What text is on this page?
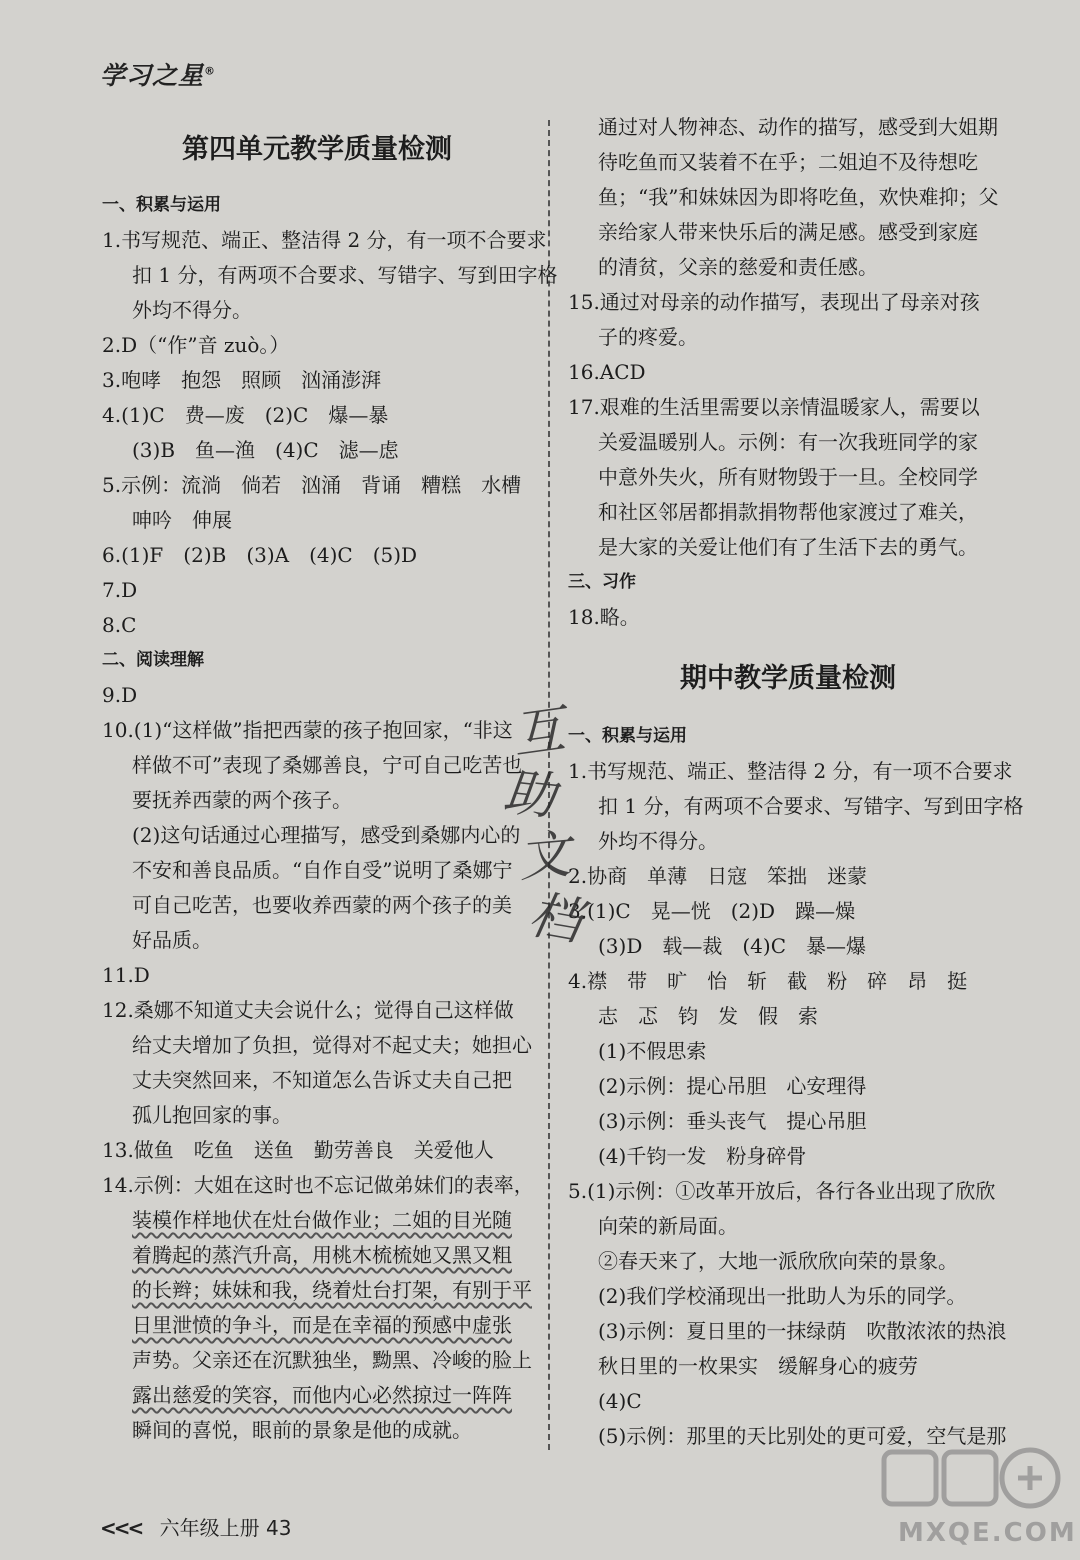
学习之星®

第四单元教学质量检测

一、积累与运用

1.书写规范、端正、整洁得 2 分，有一项不合要求

扣 1 分，有两项不合要求、写错字、写到田字格

外均不得分。

2.D（“作”音 zuò。）

3.咆哮　抱怨　照顾　汹涌澎湃

4.(1)C　费—废　(2)C　爆—暴

(3)B　鱼—渔　(4)C　滤—虑

5.示例：流淌　倘若　汹涌　背诵　糟糕　水槽

呻吟　伸展

6.(1)F　(2)B　(3)A　(4)C　(5)D

7.D

8.C

二、阅读理解

9.D

10.(1)“这样做”指把西蒙的孩子抱回家，“非这

样做不可”表现了桑娜善良，宁可自己吃苦也

要抚养西蒙的两个孩子。

(2)这句话通过心理描写，感受到桑娜内心的

不安和善良品质。“自作自受”说明了桑娜宁

可自己吃苦，也要收养西蒙的两个孩子的美

好品质。

11.D

12.桑娜不知道丈夫会说什么；觉得自己这样做

给丈夫增加了负担，觉得对不起丈夫；她担心

丈夫突然回来，不知道怎么告诉丈夫自己把

孤儿抱回家的事。

13.做鱼　吃鱼　送鱼　勤劳善良　关爱他人

14.示例：大姐在这时也不忘记做弟妹们的表率，

装模作样地伏在灶台做作业；二姐的目光随

着腾起的蒸汽升高，用桃木梳梳她又黑又粗

的长辫；妹妹和我，绕着灶台打架，有别于平

日里泄愤的争斗，而是在幸福的预感中虚张

声势。父亲还在沉默独坐，黝黑、冷峻的脸上

露出慈爱的笑容，而他内心必然掠过一阵阵

瞬间的喜悦，眼前的景象是他的成就。

通过对人物神态、动作的描写，感受到大姐期

待吃鱼而又装着不在乎；二姐迫不及待想吃

鱼；“我”和妹妹因为即将吃鱼，欢快难抑；父

亲给家人带来快乐后的满足感。感受到家庭

的清贫，父亲的慈爱和责任感。

15.通过对母亲的动作描写，表现出了母亲对孩

子的疼爱。

16.ACD

17.艰难的生活里需要以亲情温暖家人，需要以

关爱温暖别人。示例：有一次我班同学的家

中意外失火，所有财物毁于一旦。全校同学

和社区邻居都捐款捐物帮他家渡过了难关，

是大家的关爱让他们有了生活下去的勇气。

三、习作

18.略。

期中教学质量检测

一、积累与运用

1.书写规范、端正、整洁得 2 分，有一项不合要求

扣 1 分，有两项不合要求、写错字、写到田字格

外均不得分。

2.协商　单薄　日寇　笨拙　迷蒙

3.(1)C　晃—恍　(2)D　躁—燥

(3)D　载—裁　(4)C　暴—爆

4.襟　带　旷　怡　斩　截　粉　碎　昂　挺

志　忑　钧　发　假　索

(1)不假思索

(2)示例：提心吊胆　心安理得

(3)示例：垂头丧气　提心吊胆

(4)千钧一发　粉身碎骨

5.(1)示例：①改革开放后，各行各业出现了欣欣

向荣的新局面。

②春天来了，大地一派欣欣向荣的景象。

(2)我们学校涌现出一批助人为乐的同学。

(3)示例：夏日里的一抹绿荫　吹散浓浓的热浪

秋日里的一枚果实　缓解身心的疲劳

(4)C

(5)示例：那里的天比别处的更可爱，空气是那

互
助
文
档
<<< 六年级上册 43	MXQE.COM
